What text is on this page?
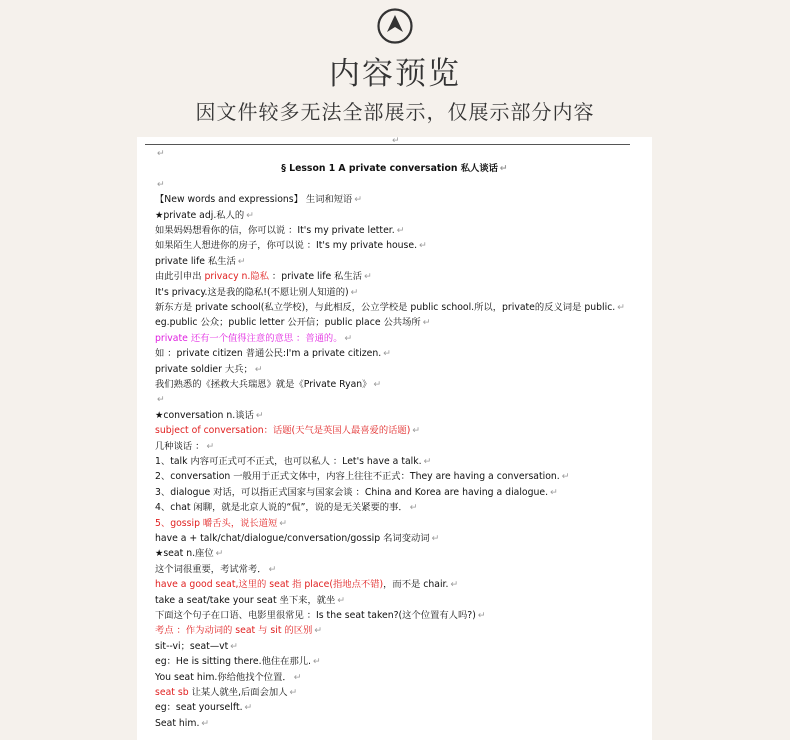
内容预览
因文件较多无法全部展示，仅展示部分内容
↵
↵
§ Lesson 1 A private conversation 私人谈话 ↵
↵
【New words and expressions】 生词和短语 ↵
★private adj.私人的 ↵
如果妈妈想看你的信，你可以说 ：It's my private letter. ↵
如果陌生人想进你的房子，你可以说 ：It's my private house. ↵
private life 私生活 ↵
由此引申出 privacy n.隐私 ：private life 私生活 ↵
It's privacy.这是我的隐私!(不愿让别人知道的) ↵
新东方是 private school(私立学校)，与此相反，公立学校是 public school.所以，private的反义词是 public. ↵
eg.public 公众；public letter 公开信；public place 公共场所 ↵
private 还有一个值得注意的意思 ：普通的。 ↵
如 ：private citizen 普通公民:I'm a private citizen. ↵
private soldier 大兵； ↵
我们熟悉的《拯救大兵瑞恩》就是《Private Ryan》 ↵
↵
★conversation n.谈话 ↵
subject of conversation：话题(天气是英国人最喜爱的话题) ↵
几种谈话 ： ↵
1、talk 内容可正式可不正式，也可以私人 ：Let's have a talk. ↵
2、conversation 一般用于正式文体中，内容上往往不正式：They are having a conversation. ↵
3、dialogue 对话，可以指正式国家与国家会谈 ：China and Korea are having a dialogue. ↵
4、chat 闲聊，就是北京人说的“侃”，说的是无关紧要的事． ↵
5、gossip 嚼舌头，说长道短 ↵
have a + talk/chat/dialogue/conversation/gossip 名词变动词 ↵
★seat n.座位 ↵
这个词很重要，考试常考． ↵
have a good seat,这里的 seat 指 place(指地点不错)，而不是 chair. ↵
take a seat/take your seat 坐下来，就坐 ↵
下面这个句子在口语、电影里很常见 ：Is the seat taken?(这个位置有人吗?) ↵
考点 ：作为动词的 seat 与 sit 的区别 ↵
sit--vi；seat—vt ↵
eg：He is sitting there.他住在那儿. ↵
You seat him.你给他找个位置． ↵
seat sb 让某人就坐,后面会加人 ↵
eg：seat yourselft. ↵
Seat him. ↵
